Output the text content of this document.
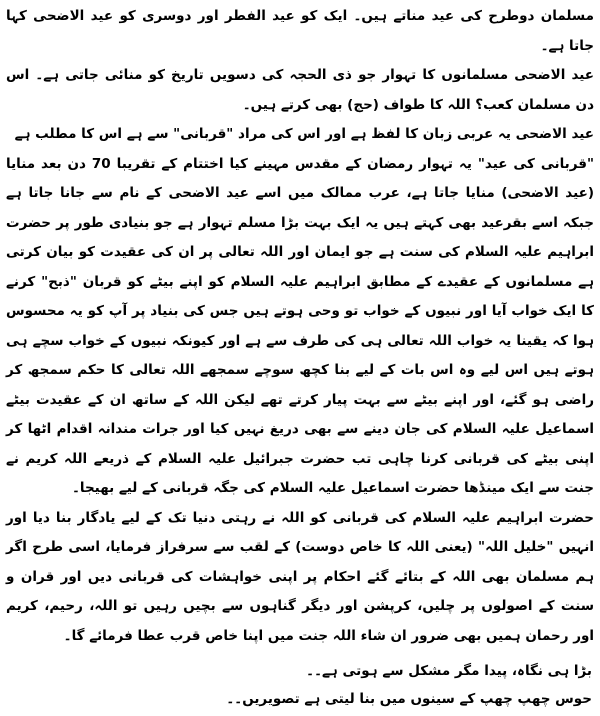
مسلمان دوطرح کی عید مناتے ہیں۔ ایک کو عید الفطر اور دوسری کو عید الاضحی کہا جاتا ہے۔

عید الاضحی مسلمانوں کا تہوار جو ذی الحجہ کی دسویں تاریخ کو منائی جاتی ہے۔ اس دن مسلمان کعب؟ اللہ کا طواف (حج) بھی کرتے ہیں۔

عید الاضحی یہ عربی زبان کا لفظ ہے اور اس کی مراد "قربانی" سے ہے اس کا مطلب ہے

"قربانی کی عید" یہ تہوار رمضان کے مقدس مہینے کیا اختتام کے تقریبا 70 دن بعد منایا (عید الاضحی) منایا جاتا ہے، عرب ممالک میں اسے عید الاضحی کے نام سے جانا جاتا ہے جبکہ اسے بقرعید بھی کہتے ہیں یہ ایک بہت بڑا مسلم تہوار ہے جو بنیادی طور پر حضرت ابراہیم علیہ السلام کی سنت ہے جو ایمان اور اللہ تعالی پر ان کی عقیدت کو بیان کرتی ہے مسلمانوں کے عقیدے کے مطابق ابراہیم علیہ السلام کو اپنے بیٹے کو قربان "ذبح" کرنے کا ایک خواب آیا اور نبیوں کے خواب تو وحی ہوتے ہیں جس کی بنیاد پر آپ کو یہ محسوس ہوا کہ یقینا یہ خواب اللہ تعالی ہی کی طرف سے ہے اور کیونکہ نبیوں کے خواب سچے ہی ہوتے ہیں اس لیے وہ اس بات کے لیے بنا کچھ سوچے سمجھے اللہ تعالی کا حکم سمجھ کر راضی ہو گئے، اور اپنے بیٹے سے بہت پیار کرتے تھے لیکن اللہ کے ساتھ ان کے عقیدت بیٹے اسماعیل علیہ السلام کی جان دینے سے بھی دریغ نہیں کیا اور جرات مندانہ اقدام اٹھا کر اپنی بیٹے کی قربانی کرنا چاہی تب حضرت جبرائیل علیہ السلام کے ذریعے اللہ کریم نے جنت سے ایک مینڈھا حضرت اسماعیل علیہ السلام کی جگہ قربانی کے لیے بھیجا۔

حضرت ابراہیم علیہ السلام کی قربانی کو اللہ نے رہتی دنیا تک کے لیے یادگار بنا دیا اور انہیں "خلیل اللہ" (یعنی اللہ کا خاص دوست) کے لقب سے سرفراز فرمایا، اسی طرح اگر ہم مسلمان بھی اللہ کے بتائے گئے احکام پر اپنی خواہشات کی قربانی دیں اور قران و سنت کے اصولوں پر چلیں، کرپشن اور دیگر گناہوں سے بچیں رہیں تو اللہ، رحیم، کریم اور رحمان ہمیں بھی ضرور ان شاء اللہ جنت میں اپنا خاص قرب عطا فرمائے گا۔

بڑا ہی نگاہ، پیدا مگر مشکل سے ہوتی ہے۔۔

حوس چھپ چھپ کے سینوں میں بنا لیتی ہے تصویریں۔۔
